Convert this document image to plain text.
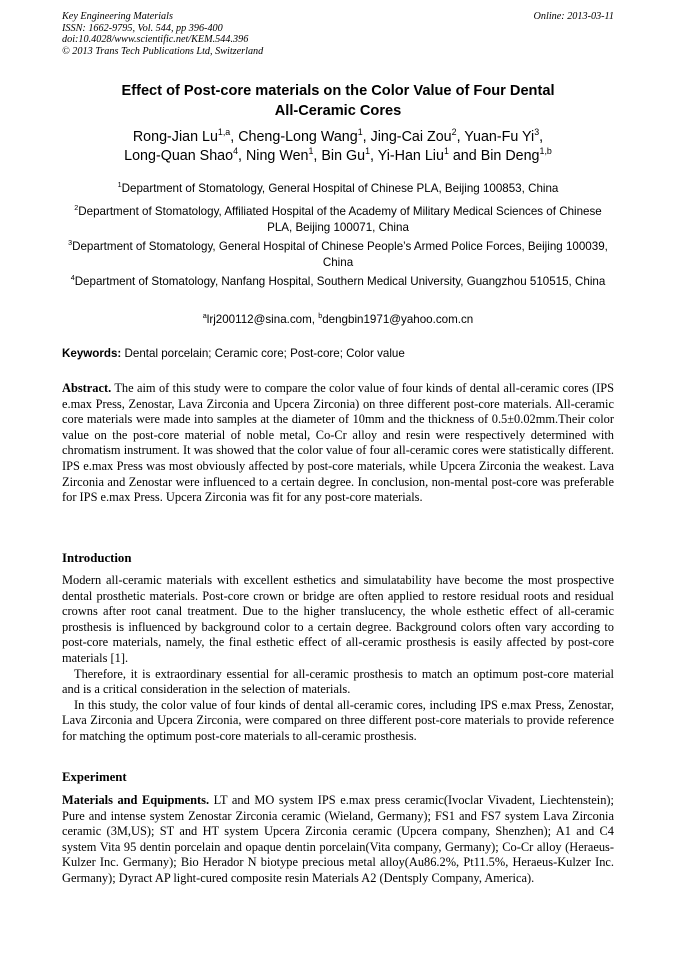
Key Engineering Materials
ISSN: 1662-9795, Vol. 544, pp 396-400
doi:10.4028/www.scientific.net/KEM.544.396
© 2013 Trans Tech Publications Ltd, Switzerland
Online: 2013-03-11
Effect of Post-core materials on the Color Value of Four Dental
All-Ceramic Cores
Rong-Jian Lu$^{1,a}$, Cheng-Long Wang$^1$, Jing-Cai Zou$^2$, Yuan-Fu Yi$^3$,
Long-Quan Shao$^4$, Ning Wen$^1$, Bin Gu$^1$, Yi-Han Liu$^1$ and Bin Deng$^{1,b}$
$^1$Department of Stomatology, General Hospital of Chinese PLA, Beijing 100853, China
$^2$Department of Stomatology, Affiliated Hospital of the Academy of Military Medical Sciences of Chinese PLA, Beijing 100071, China
$^3$Department of Stomatology, General Hospital of Chinese People’s Armed Police Forces, Beijing 100039, China
$^4$Department of Stomatology, Nanfang Hospital, Southern Medical University, Guangzhou 510515, China
$^a$lrj200112@sina.com, $^b$dengbin1971@yahoo.com.cn
Keywords: Dental porcelain; Ceramic core; Post-core; Color value

Abstract. The aim of this study were to compare the color value of four kinds of dental all-ceramic cores (IPS e.max Press, Zenostar, Lava Zirconia and Upcera Zirconia) on three different post-core materials. All-ceramic core materials were made into samples at the diameter of 10mm and the thickness of 0.5±0.02mm.Their color value on the post-core material of noble metal, Co-Cr alloy and resin were respectively determined with chromatism instrument. It was showed that the color value of four all-ceramic cores were statistically different. IPS e.max Press was most obviously affected by post-core materials, while Upcera Zirconia the weakest. Lava Zirconia and Zenostar were influenced to a certain degree. In conclusion, non-mental post-core was preferable for IPS e.max Press. Upcera Zirconia was fit for any post-core materials.

Introduction

Modern all-ceramic materials with excellent esthetics and simulatability have become the most prospective dental prosthetic materials. Post-core crown or bridge are often applied to restore residual roots and residual crowns after root canal treatment. Due to the higher translucency, the whole esthetic effect of all-ceramic prosthesis is influenced by background color to a certain degree. Background colors often vary according to post-core materials, namely, the final esthetic effect of all-ceramic prosthesis is easily affected by post-core materials [1].

Therefore, it is extraordinary essential for all-ceramic prosthesis to match an optimum post-core material and is a critical consideration in the selection of materials.

In this study, the color value of four kinds of dental all-ceramic cores, including IPS e.max Press, Zenostar, Lava Zirconia and Upcera Zirconia, were compared on three different post-core materials to provide reference for matching the optimum post-core materials to all-ceramic prosthesis.

Experiment

Materials and Equipments. LT and MO system IPS e.max press ceramic(Ivoclar Vivadent, Liechtenstein); Pure and intense system Zenostar Zirconia ceramic (Wieland, Germany); FS1 and FS7 system Lava Zirconia ceramic (3M,US); ST and HT system Upcera Zirconia ceramic (Upcera company, Shenzhen); A1 and C4 system Vita 95 dentin porcelain and opaque dentin porcelain(Vita company, Germany); Co-Cr alloy (Heraeus-Kulzer Inc. Germany); Bio Herador N biotype precious metal alloy(Au86.2%, Pt11.5%, Heraeus-Kulzer Inc. Germany); Dyract AP light-cured composite resin Materials A2 (Dentsply Company, America).
